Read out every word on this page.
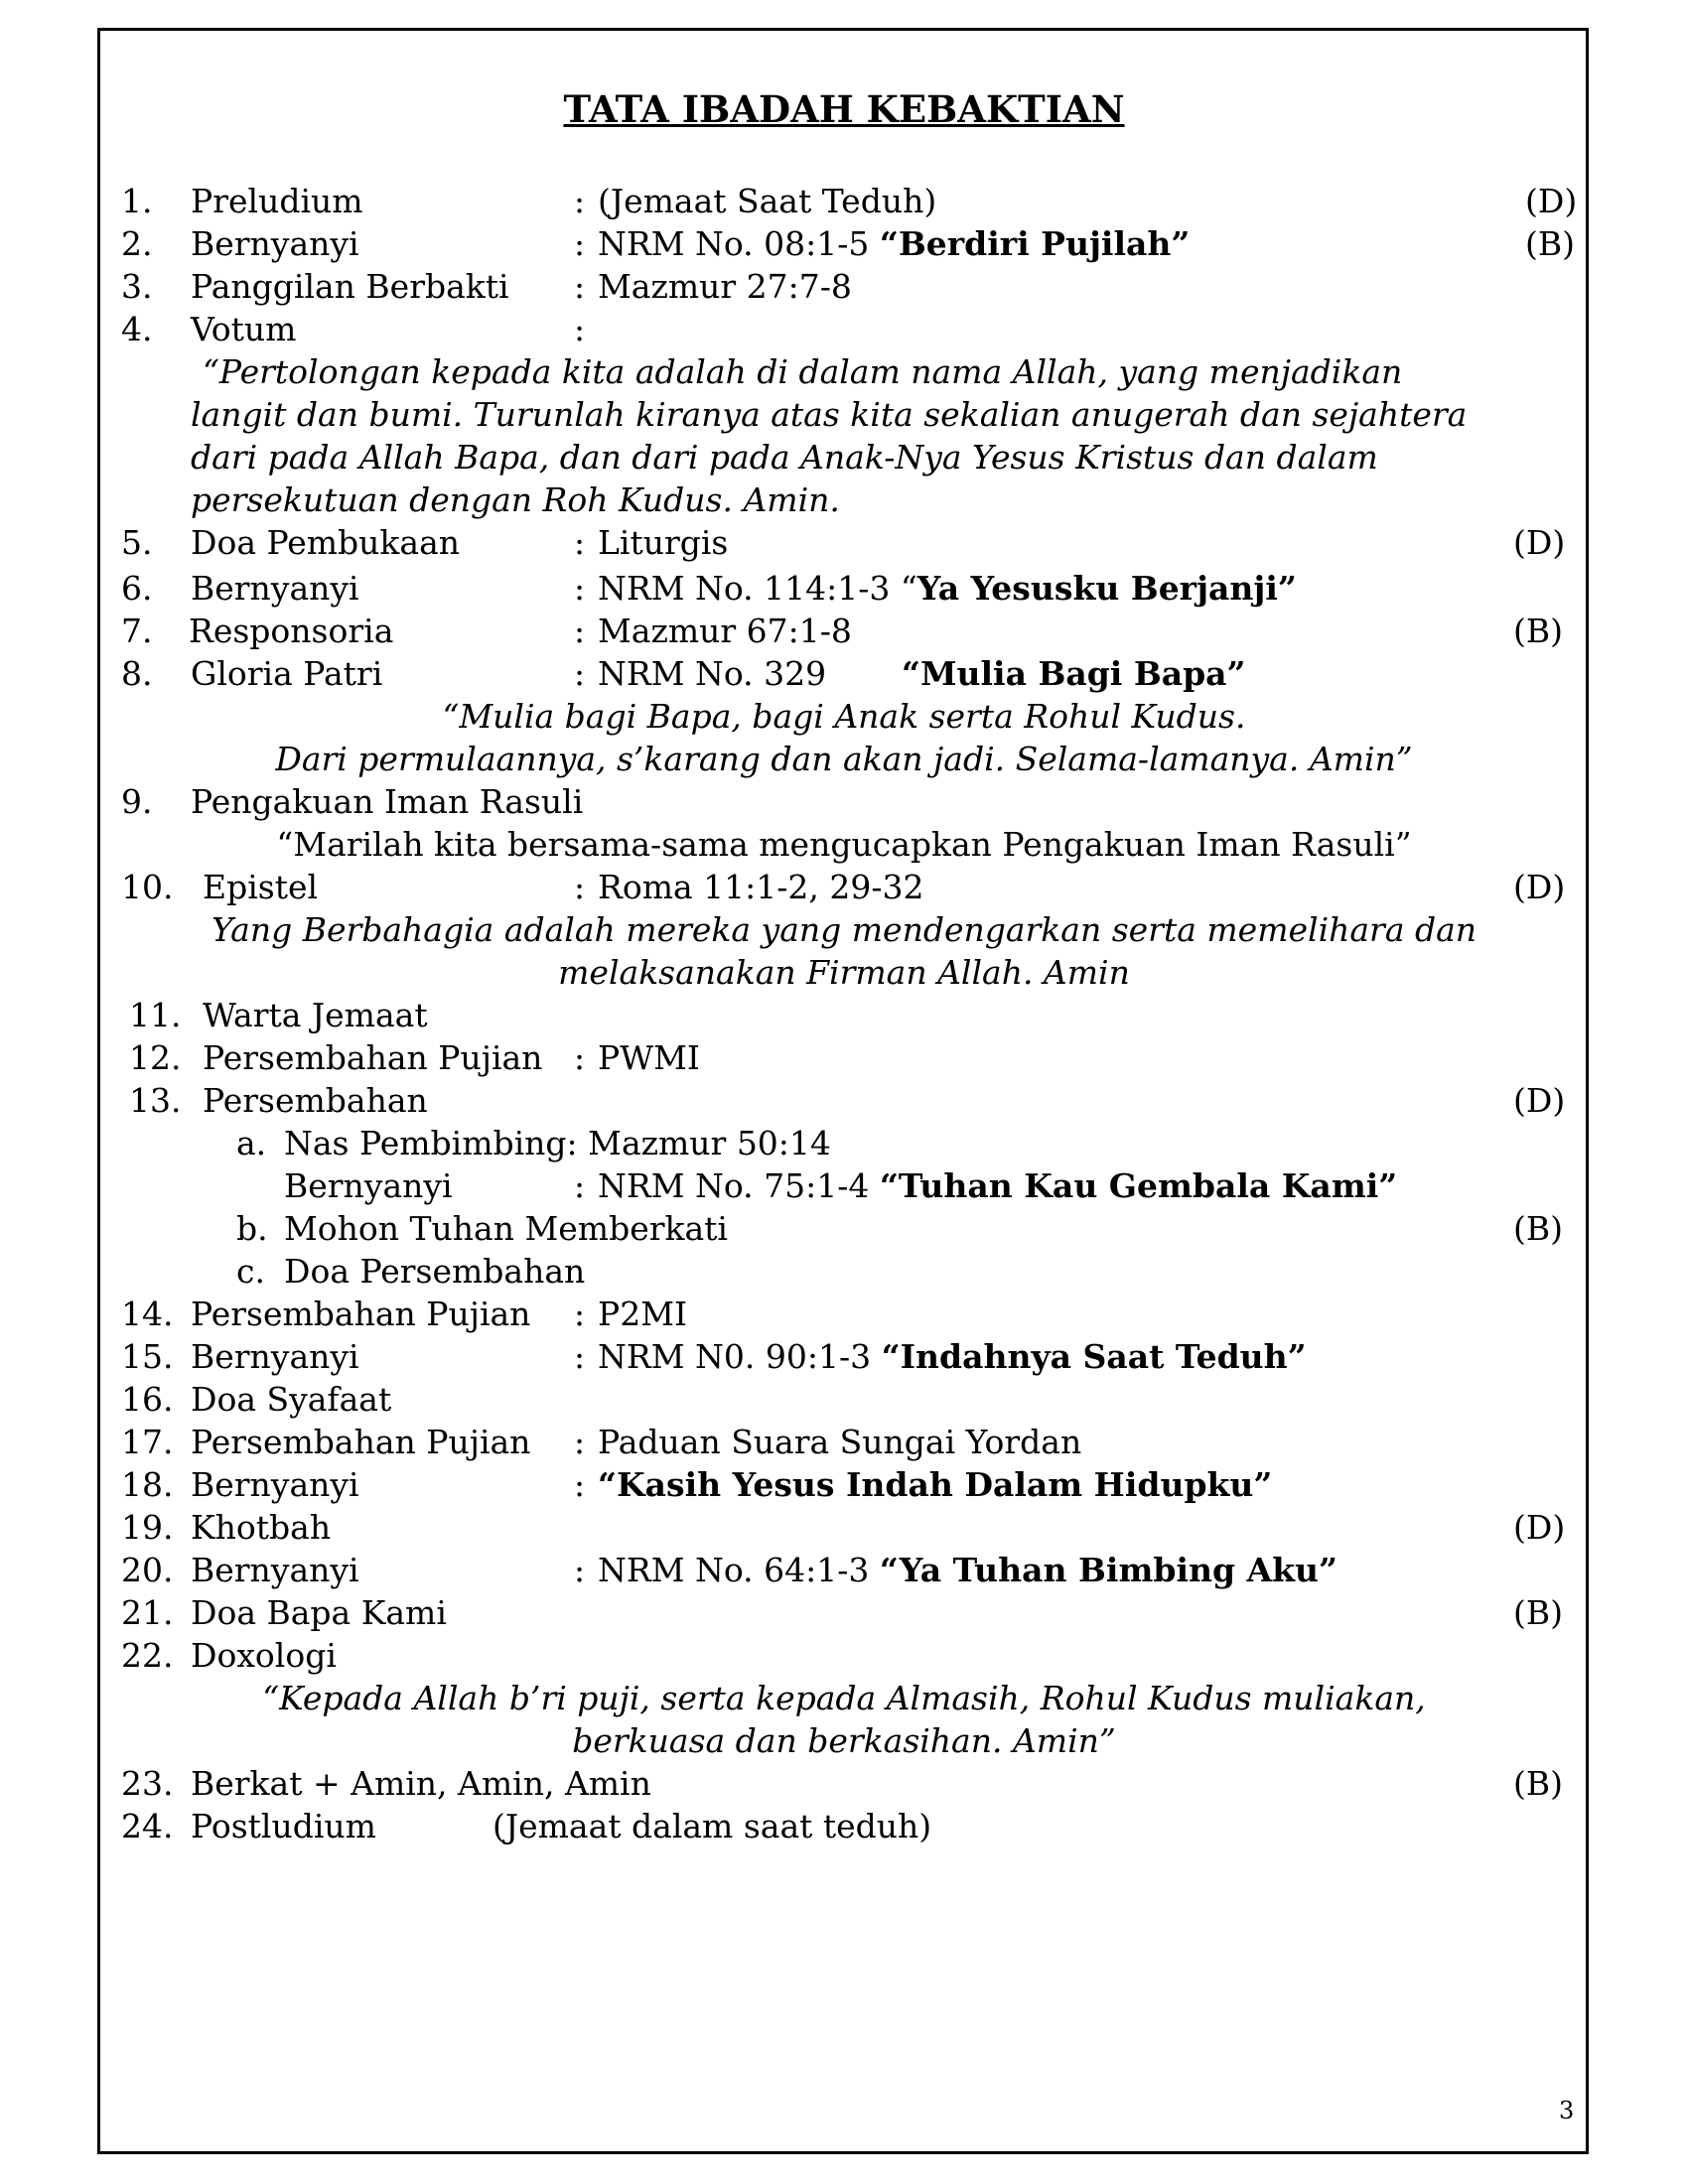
TATA IBADAH KEBAKTIAN
1. Preludium	: (Jemaat Saat Teduh)	(D)
2. Bernyanyi	: NRM No. 08:1-5 “Berdiri Pujilah”	(B)
3. Panggilan Berbakti : Mazmur 27:7-8
4. Votum	:
“Pertolongan kepada kita adalah di dalam nama Allah, yang menjadikan
langit dan bumi. Turunlah kiranya atas kita sekalian anugerah dan sejahtera
dari pada Allah Bapa, dan dari pada Anak-Nya Yesus Kristus dan dalam
persekutuan dengan Roh Kudus. Amin.
5. Doa Pembukaan	: Liturgis	(D)
6. Bernyanyi	: NRM No. 114:1-3 “Ya Yesusku Berjanji”
7. Responsoria	: Mazmur 67:1-8	(B)
8. Gloria Patri	: NRM No. 329 “Mulia Bagi Bapa”
“Mulia bagi Bapa, bagi Anak serta Rohul Kudus.
Dari permulaannya, s’karang dan akan jadi. Selama-lamanya. Amin”
9. Pengakuan Iman Rasuli
“Marilah kita bersama-sama mengucapkan Pengakuan Iman Rasuli”
10. Epistel	: Roma 11:1-2, 29-32	(D)
Yang Berbahagia adalah mereka yang mendengarkan serta memelihara dan
melaksanakan Firman Allah. Amin
11. Warta Jemaat
12. Persembahan Pujian : PWMI
13. Persembahan	(D)
a. Nas Pembimbing: Mazmur 50:14
Bernyanyi	: NRM No. 75:1-4 “Tuhan Kau Gembala Kami”
b. Mohon Tuhan Memberkati	(B)
c. Doa Persembahan
14. Persembahan Pujian : P2MI
15. Bernyanyi	: NRM N0. 90:1-3 “Indahnya Saat Teduh”
16. Doa Syafaat
17. Persembahan Pujian : Paduan Suara Sungai Yordan
18. Bernyanyi	: “Kasih Yesus Indah Dalam Hidupku”
19. Khotbah	(D)
20. Bernyanyi	: NRM No. 64:1-3 “Ya Tuhan Bimbing Aku”
21. Doa Bapa Kami	(B)
22. Doxologi
“Kepada Allah b’ri puji, serta kepada Almasih, Rohul Kudus muliakan,
berkuasa dan berkasihan. Amin”
23. Berkat + Amin, Amin, Amin	(B)
24. Postludium	(Jemaat dalam saat teduh)
3
